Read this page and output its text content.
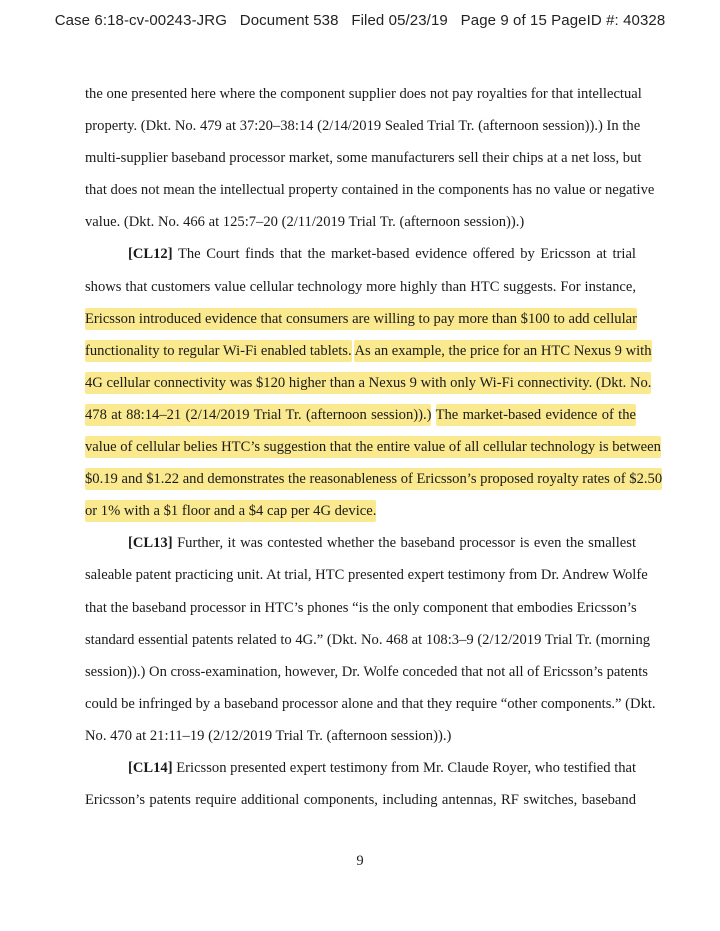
Case 6:18-cv-00243-JRG Document 538 Filed 05/23/19 Page 9 of 15 PageID #: 40328
the one presented here where the component supplier does not pay royalties for that intellectual
property. (Dkt. No. 479 at 37:20–38:14 (2/14/2019 Sealed Trial Tr. (afternoon session)).) In the
multi-supplier baseband processor market, some manufacturers sell their chips at a net loss, but
that does not mean the intellectual property contained in the components has no value or negative
value. (Dkt. No. 466 at 125:7–20 (2/11/2019 Trial Tr. (afternoon session)).)
[CL12] The Court finds that the market-based evidence offered by Ericsson at trial
shows that customers value cellular technology more highly than HTC suggests. For instance,
Ericsson introduced evidence that consumers are willing to pay more than $100 to add cellular
functionality to regular Wi-Fi enabled tablets. As an example, the price for an HTC Nexus 9 with
4G cellular connectivity was $120 higher than a Nexus 9 with only Wi-Fi connectivity. (Dkt. No.
478 at 88:14–21 (2/14/2019 Trial Tr. (afternoon session)).) The market-based evidence of the
value of cellular belies HTC’s suggestion that the entire value of all cellular technology is between
$0.19 and $1.22 and demonstrates the reasonableness of Ericsson’s proposed royalty rates of $2.50
or 1% with a $1 floor and a $4 cap per 4G device.
[CL13] Further, it was contested whether the baseband processor is even the smallest
saleable patent practicing unit. At trial, HTC presented expert testimony from Dr. Andrew Wolfe
that the baseband processor in HTC’s phones “is the only component that embodies Ericsson’s
standard essential patents related to 4G.” (Dkt. No. 468 at 108:3–9 (2/12/2019 Trial Tr. (morning
session)).) On cross-examination, however, Dr. Wolfe conceded that not all of Ericsson’s patents
could be infringed by a baseband processor alone and that they require “other components.” (Dkt.
No. 470 at 21:11–19 (2/12/2019 Trial Tr. (afternoon session)).)
[CL14] Ericsson presented expert testimony from Mr. Claude Royer, who testified that
Ericsson’s patents require additional components, including antennas, RF switches, baseband
9
